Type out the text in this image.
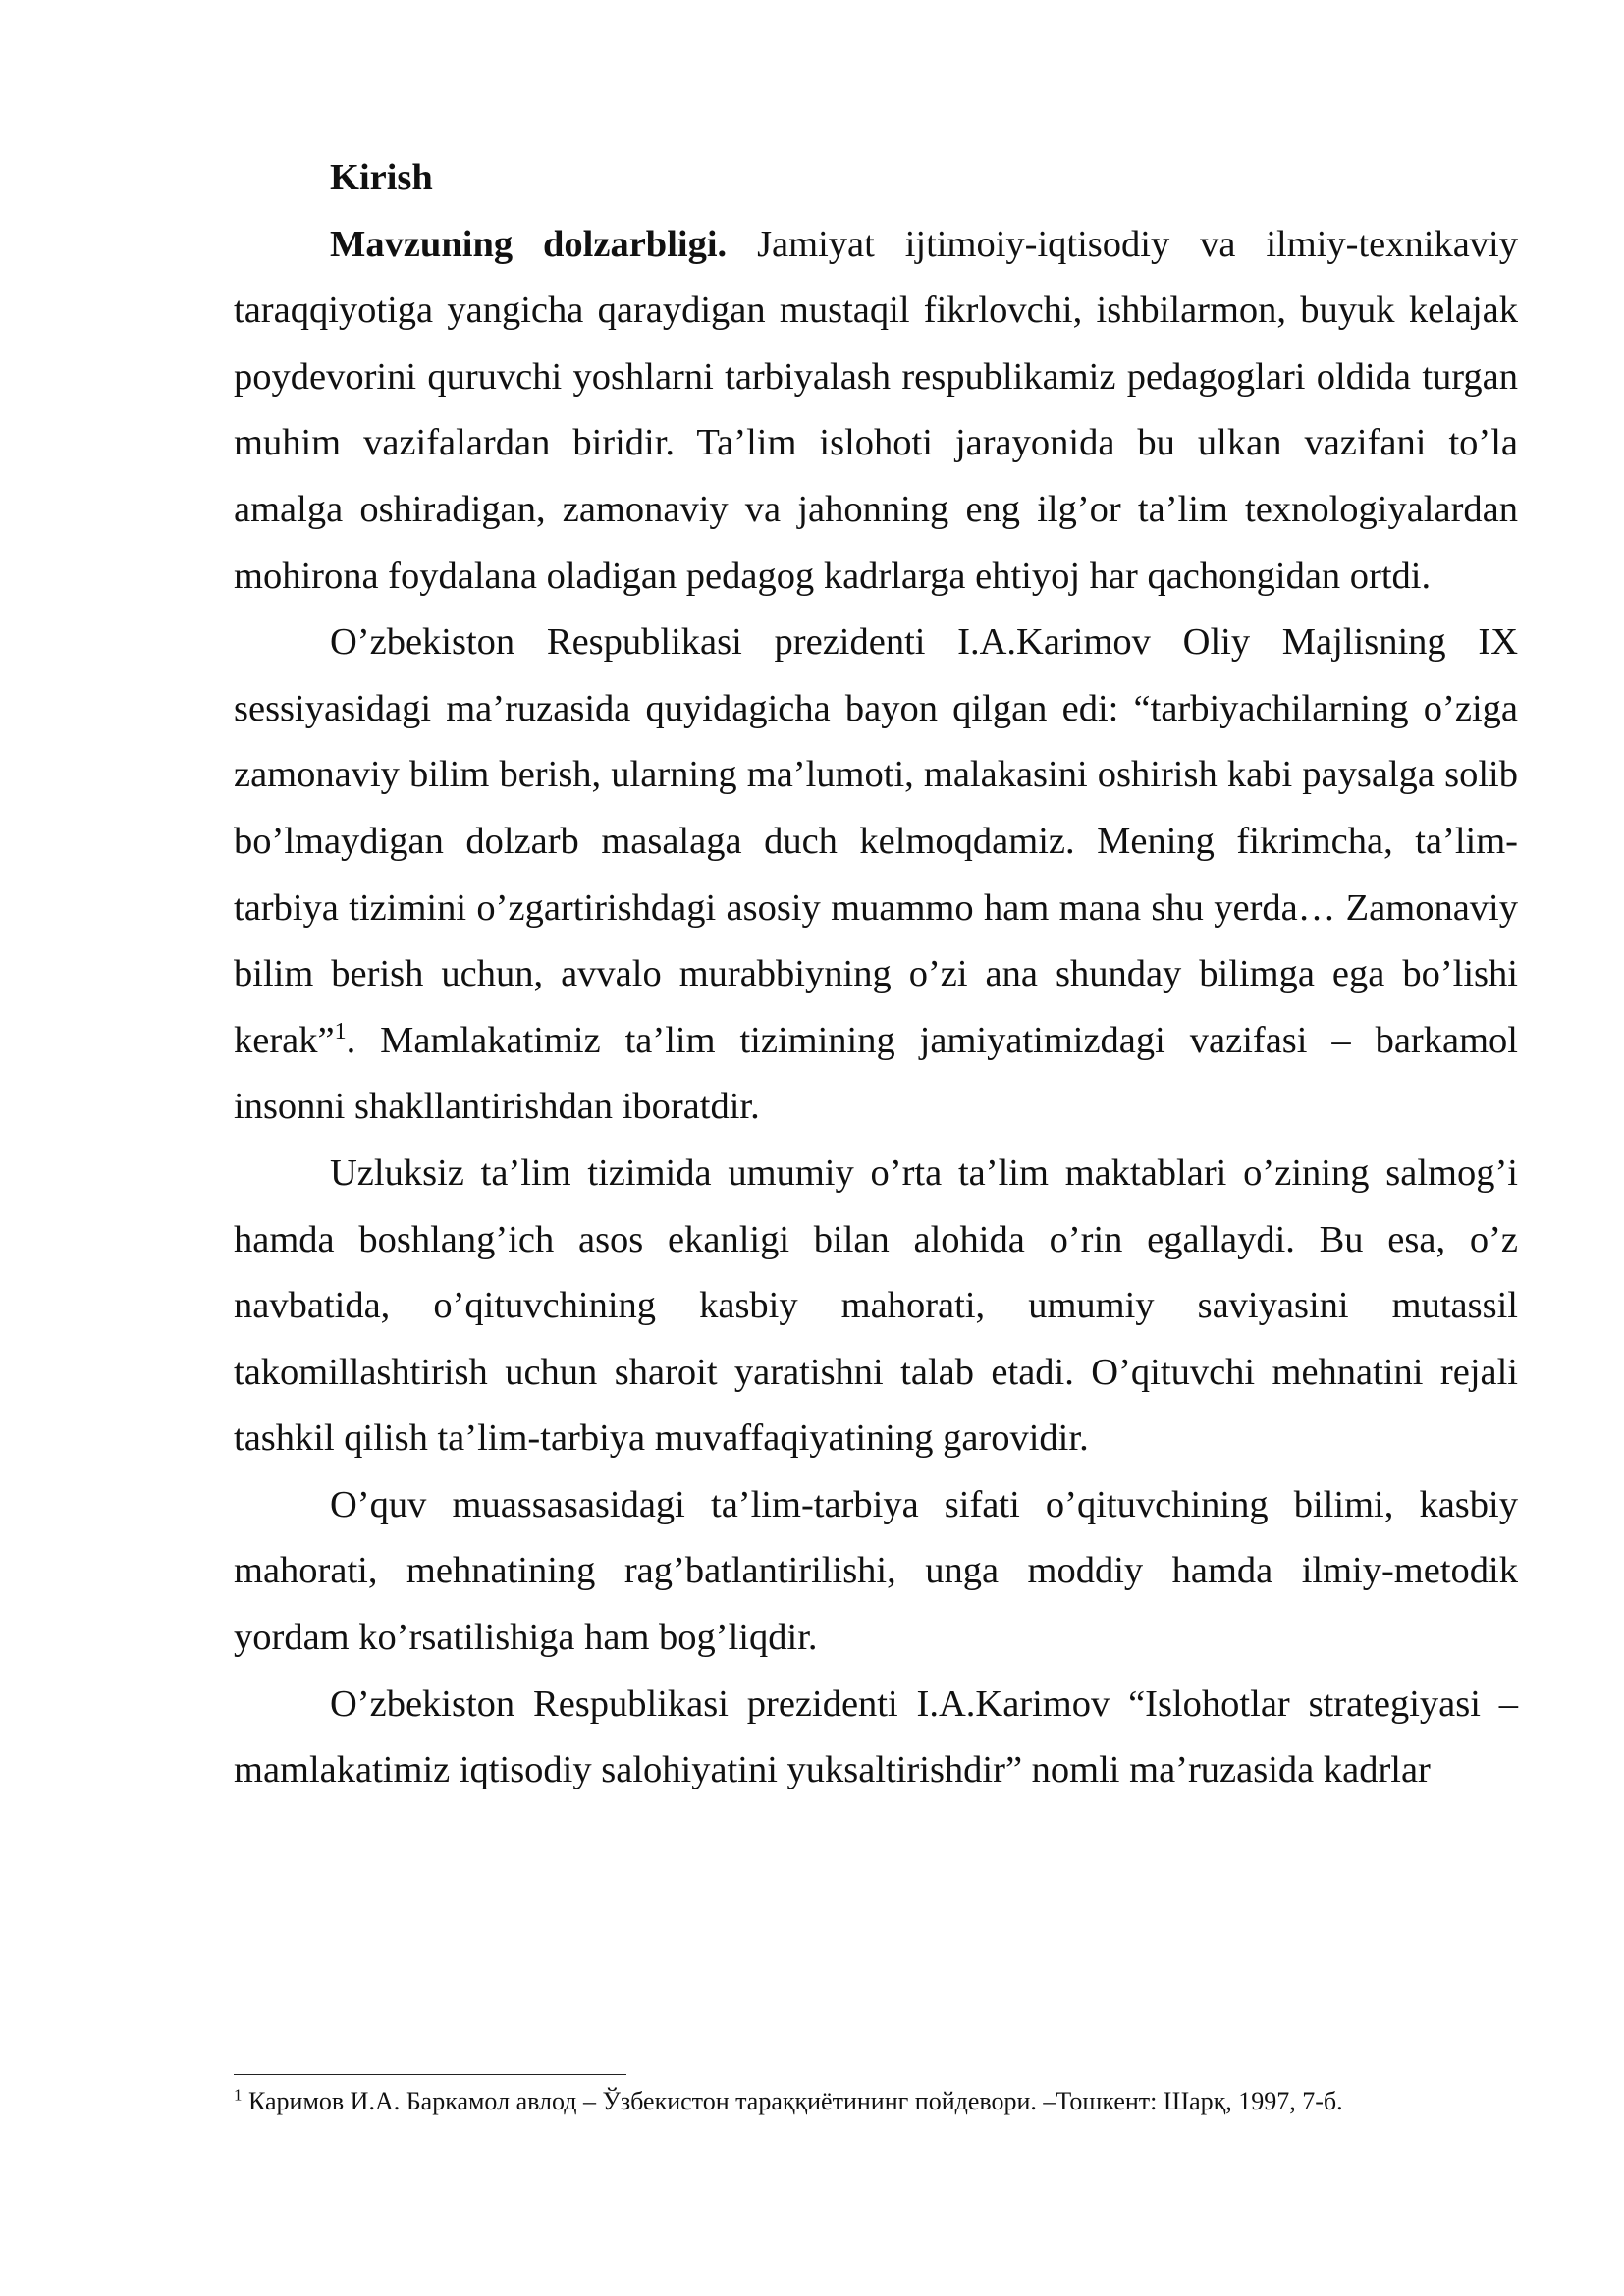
Kirish

Mavzuning dolzarbligi. Jamiyat ijtimoiy-iqtisodiy va ilmiy-texnikaviy taraqqiyotiga yangicha qaraydigan mustaqil fikrlovchi, ishbilarmon, buyuk kelajak poydevorini quruvchi yoshlarni tarbiyalash respublikamiz pedagoglari oldida turgan muhim vazifalardan biridir. Ta’lim islohoti jarayonida bu ulkan vazifani to’la amalga oshiradigan, zamonaviy va jahonning eng ilg’or ta’lim texnologiyalardan mohirona foydalana oladigan pedagog kadrlarga ehtiyoj har qachongidan ortdi.

O’zbekiston Respublikasi prezidenti I.A.Karimov Oliy Majlisning IX sessiyasidagi ma’ruzasida quyidagicha bayon qilgan edi: “tarbiyachilarning o’ziga zamonaviy bilim berish, ularning ma’lumoti, malakasini oshirish kabi paysalga solib bo’lmaydigan dolzarb masalaga duch kelmoqdamiz. Mening fikrimcha, ta’lim-tarbiya tizimini o’zgartirishdagi asosiy muammo ham mana shu yerda… Zamonaviy bilim berish uchun, avvalo murabbiyning o’zi ana shunday bilimga ega bo’lishi kerak”$^1$. Mamlakatimiz ta’lim tizimining jamiyatimizdagi vazifasi – barkamol insonni shakllantirishdan iboratdir.

Uzluksiz ta’lim tizimida umumiy o’rta ta’lim maktablari o’zining salmog’i hamda boshlang’ich asos ekanligi bilan alohida o’rin egallaydi. Bu esa, o’z navbatida, o’qituvchining kasbiy mahorati, umumiy saviyasini mutassil takomillashtirish uchun sharoit yaratishni talab etadi. O’qituvchi mehnatini rejali tashkil qilish ta’lim-tarbiya muvaffaqiyatining garovidir.

O’quv muassasasidagi ta’lim-tarbiya sifati o’qituvchining bilimi, kasbiy mahorati, mehnatining rag’batlantirilishi, unga moddiy hamda ilmiy-metodik yordam ko’rsatilishiga ham bog’liqdir.

O’zbekiston Respublikasi prezidenti I.A.Karimov “Islohotlar strategiyasi – mamlakatimiz iqtisodiy salohiyatini yuksaltirishdir” nomli ma’ruzasida kadrlar

$^1$ Каримов И.А. Баркамол авлод – Ўзбекистон тараққиётининг пойдевори. –Тошкент: Шарқ, 1997, 7-б.
